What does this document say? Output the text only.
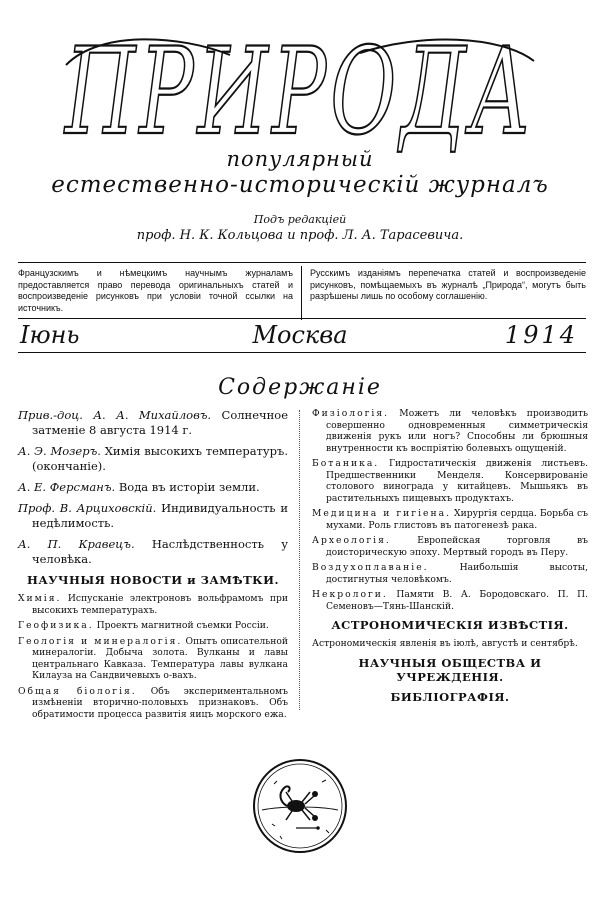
ПРИРОДА
популярный
естественно-историческій журналъ
Подъ редакціей
проф. Н. К. Кольцова и проф. Л. А. Тарасевича.
Французскимъ и нѣмецкимъ научнымъ журналамъ предоставляется право перевода оригинальныхъ статей и воспроизведеніе рисунковъ при условіи точной ссылки на источникъ.
Русскимъ изданіямъ перепечатка статей и воспроизведеніе рисунковъ, помѣщаемыхъ въ журналѣ „Природа“, могутъ быть разрѣшены лишь по особому соглашенію.
Іюнь	Москва	1914
Содержаніе

Прив.-доц. А. А. Михайловъ. Солнечное затменіе 8 августа 1914 г.

А. Э. Мозеръ. Химія высокихъ температуръ. (окончаніе).

А. Е. Ферсманъ. Вода въ исторіи земли.

Проф. В. Арциховскій. Индивидуальность и недѣлимость.

А. П. Кравецъ. Наслѣдственность у человѣка.

НАУЧНЫЯ НОВОСТИ и ЗАМѢТКИ.

Химія. Испусканіе электроновъ вольфрамомъ при высокихъ температурахъ.

Геофизика. Проектъ магнитной съемки Россіи.

Геологія и минералогія. Опытъ описательной минералогіи. Добыча золота. Вулканы и лавы центральнаго Кавказа. Температура лавы вулкана Килауза на Сандвичевыхъ о-вахъ.

Общая біологія. Объ экспериментальномъ измѣненіи вторично-половыхъ признаковъ. Объ обратимости процесса развитія яицъ морского ежа.

Физіологія. Можетъ ли человѣкъ производить совершенно одновременныя симметрическія движенія рукъ или ногъ? Способны ли брюшныя внутренности къ воспріятію болевыхъ ощущеній.

Ботаника. Гидростатическія движенія листьевъ. Предшественники Менделя. Консервированіе столового винограда у китайцевъ. Мышьякъ въ растительныхъ пищевыхъ продуктахъ.

Медицина и гигіена. Хирургія сердца. Борьба съ мухами. Роль глистовъ въ патогенезѣ рака.

Археологія.	Европейская торговля въ доисторическую эпоху. Мертвый городъ въ Перу.

Воздухоплаваніе.	Наибольшія высоты, достигнутыя человѣкомъ.

Некрологи. Памяти В. А. Бородовскаго. П. П. Семеновъ—Тянь-Шанскій.

АСТРОНОМИЧЕСКІЯ ИЗВѢСТІЯ.

Астрономическія явленія въ іюлѣ, августѣ и сентябрѣ.

НАУЧНЫЯ ОБЩЕСТВА И УЧРЕЖДЕНІЯ.
БИБЛІОГРАФІЯ.
